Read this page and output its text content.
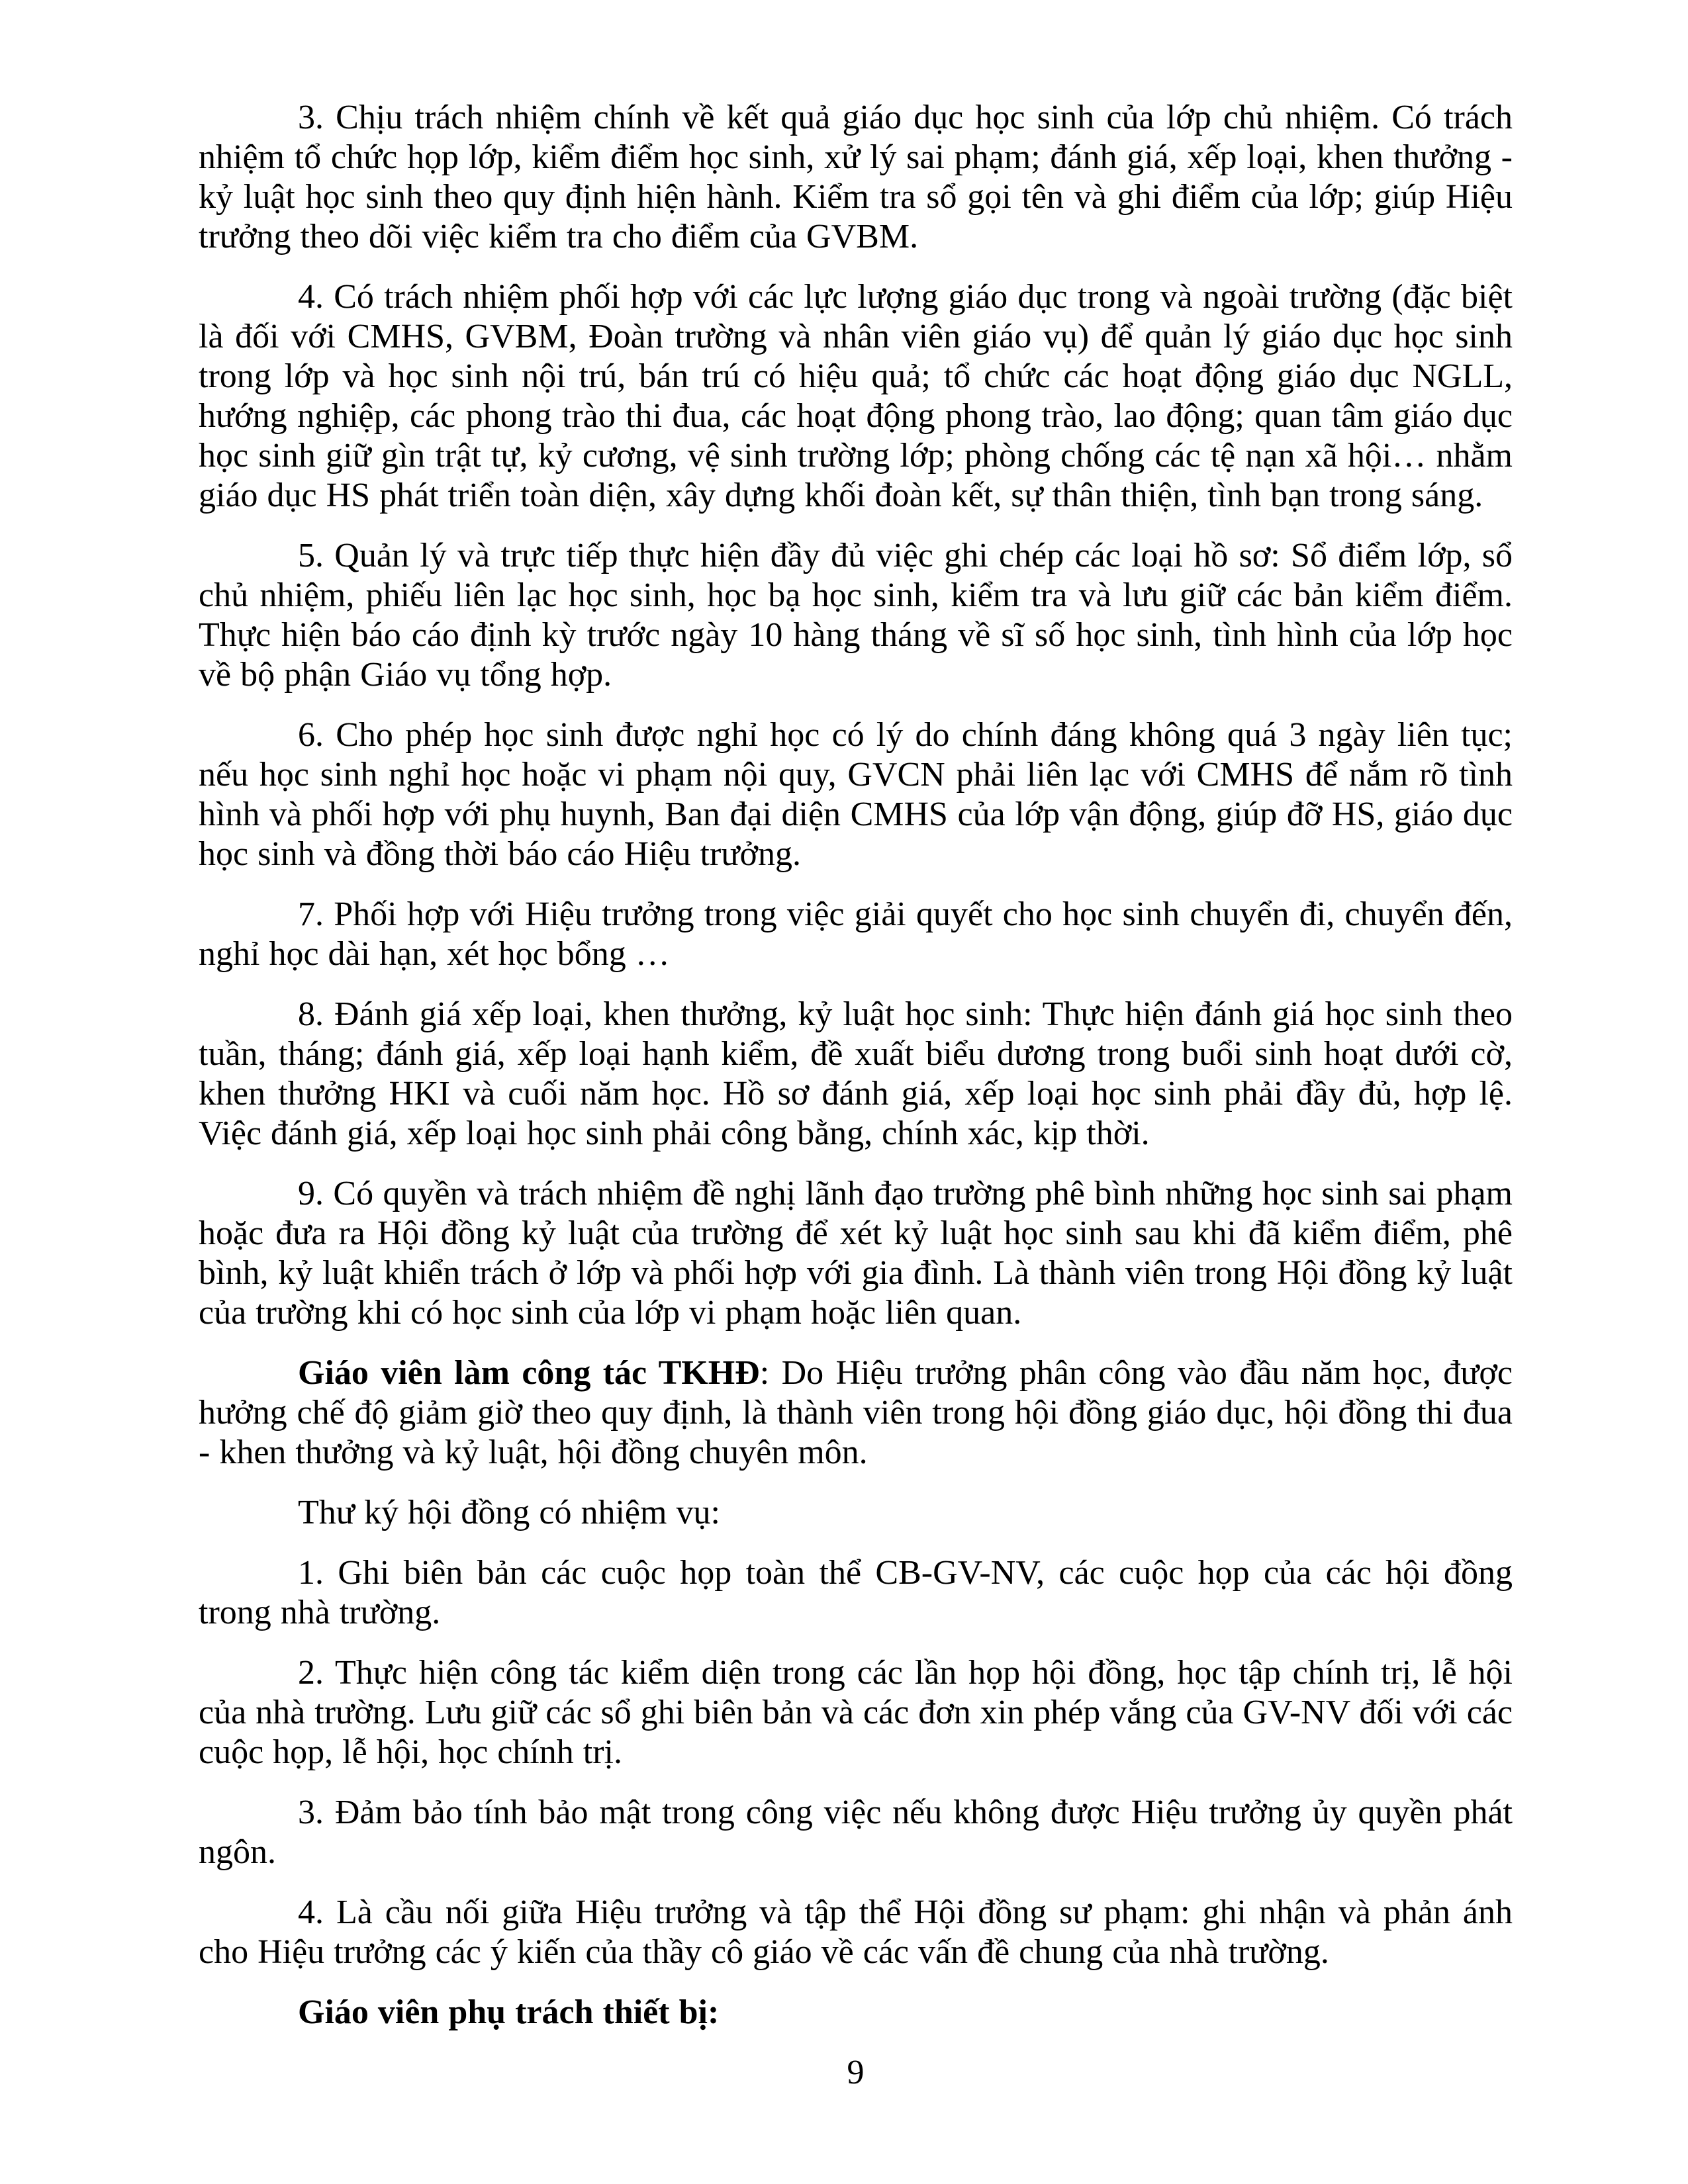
3. Chịu trách nhiệm chính về kết quả giáo dục học sinh của lớp chủ nhiệm. Có trách nhiệm tổ chức họp lớp, kiểm điểm học sinh, xử lý sai phạm; đánh giá, xếp loại, khen thưởng - kỷ luật học sinh theo quy định hiện hành. Kiểm tra sổ gọi tên và ghi điểm của lớp; giúp Hiệu trưởng theo dõi việc kiểm tra cho điểm của GVBM.

4. Có trách nhiệm phối hợp với các lực lượng giáo dục trong và ngoài trường (đặc biệt là đối với CMHS, GVBM, Đoàn trường và nhân viên giáo vụ) để quản lý giáo dục học sinh trong lớp và học sinh nội trú, bán trú có hiệu quả; tổ chức các hoạt động giáo dục NGLL, hướng nghiệp, các phong trào thi đua, các hoạt động phong trào, lao động; quan tâm giáo dục học sinh giữ gìn trật tự, kỷ cương, vệ sinh trường lớp; phòng chống các tệ nạn xã hội… nhằm giáo dục HS phát triển toàn diện, xây dựng khối đoàn kết, sự thân thiện, tình bạn trong sáng.

5. Quản lý và trực tiếp thực hiện đầy đủ việc ghi chép các loại hồ sơ: Sổ điểm lớp, sổ chủ nhiệm, phiếu liên lạc học sinh, học bạ học sinh, kiểm tra và lưu giữ các bản kiểm điểm. Thực hiện báo cáo định kỳ trước ngày 10 hàng tháng về sĩ số học sinh, tình hình của lớp học về bộ phận Giáo vụ tổng hợp.

6. Cho phép học sinh được nghỉ học có lý do chính đáng không quá 3 ngày liên tục; nếu học sinh nghỉ học hoặc vi phạm nội quy, GVCN phải liên lạc với CMHS để nắm rõ tình hình và phối hợp với phụ huynh, Ban đại diện CMHS của lớp vận động, giúp đỡ HS, giáo dục học sinh và đồng thời báo cáo Hiệu trưởng.

7. Phối hợp với Hiệu trưởng trong việc giải quyết cho học sinh chuyển đi, chuyển đến, nghỉ học dài hạn, xét học bổng …

8. Đánh giá xếp loại, khen thưởng, kỷ luật học sinh: Thực hiện đánh giá học sinh theo tuần, tháng; đánh giá, xếp loại hạnh kiểm, đề xuất biểu dương trong buổi sinh hoạt dưới cờ, khen thưởng HKI và cuối năm học. Hồ sơ đánh giá, xếp loại học sinh phải đầy đủ, hợp lệ. Việc đánh giá, xếp loại học sinh phải công bằng, chính xác, kịp thời.

9. Có quyền và trách nhiệm đề nghị lãnh đạo trường phê bình những học sinh sai phạm hoặc đưa ra Hội đồng kỷ luật của trường để xét kỷ luật học sinh sau khi đã kiểm điểm, phê bình, kỷ luật khiển trách ở lớp và phối hợp với gia đình. Là thành viên trong Hội đồng kỷ luật của trường khi có học sinh của lớp vi phạm hoặc liên quan.

Giáo viên làm công tác TKHĐ: Do Hiệu trưởng phân công vào đầu năm học, được hưởng chế độ giảm giờ theo quy định, là thành viên trong hội đồng giáo dục, hội đồng thi đua - khen thưởng và kỷ luật, hội đồng chuyên môn.

Thư ký hội đồng có nhiệm vụ:

1. Ghi biên bản các cuộc họp toàn thể CB-GV-NV, các cuộc họp của các hội đồng trong nhà trường.

2. Thực hiện công tác kiểm diện trong các lần họp hội đồng, học tập chính trị, lễ hội của nhà trường. Lưu giữ các sổ ghi biên bản và các đơn xin phép vắng của GV-NV đối với các cuộc họp, lễ hội, học chính trị.

3. Đảm bảo tính bảo mật trong công việc nếu không được Hiệu trưởng ủy quyền phát ngôn.

4. Là cầu nối giữa Hiệu trưởng và tập thể Hội đồng sư phạm: ghi nhận và phản ánh cho Hiệu trưởng các ý kiến của thầy cô giáo về các vấn đề chung của nhà trường.

Giáo viên phụ trách thiết bị:

9
